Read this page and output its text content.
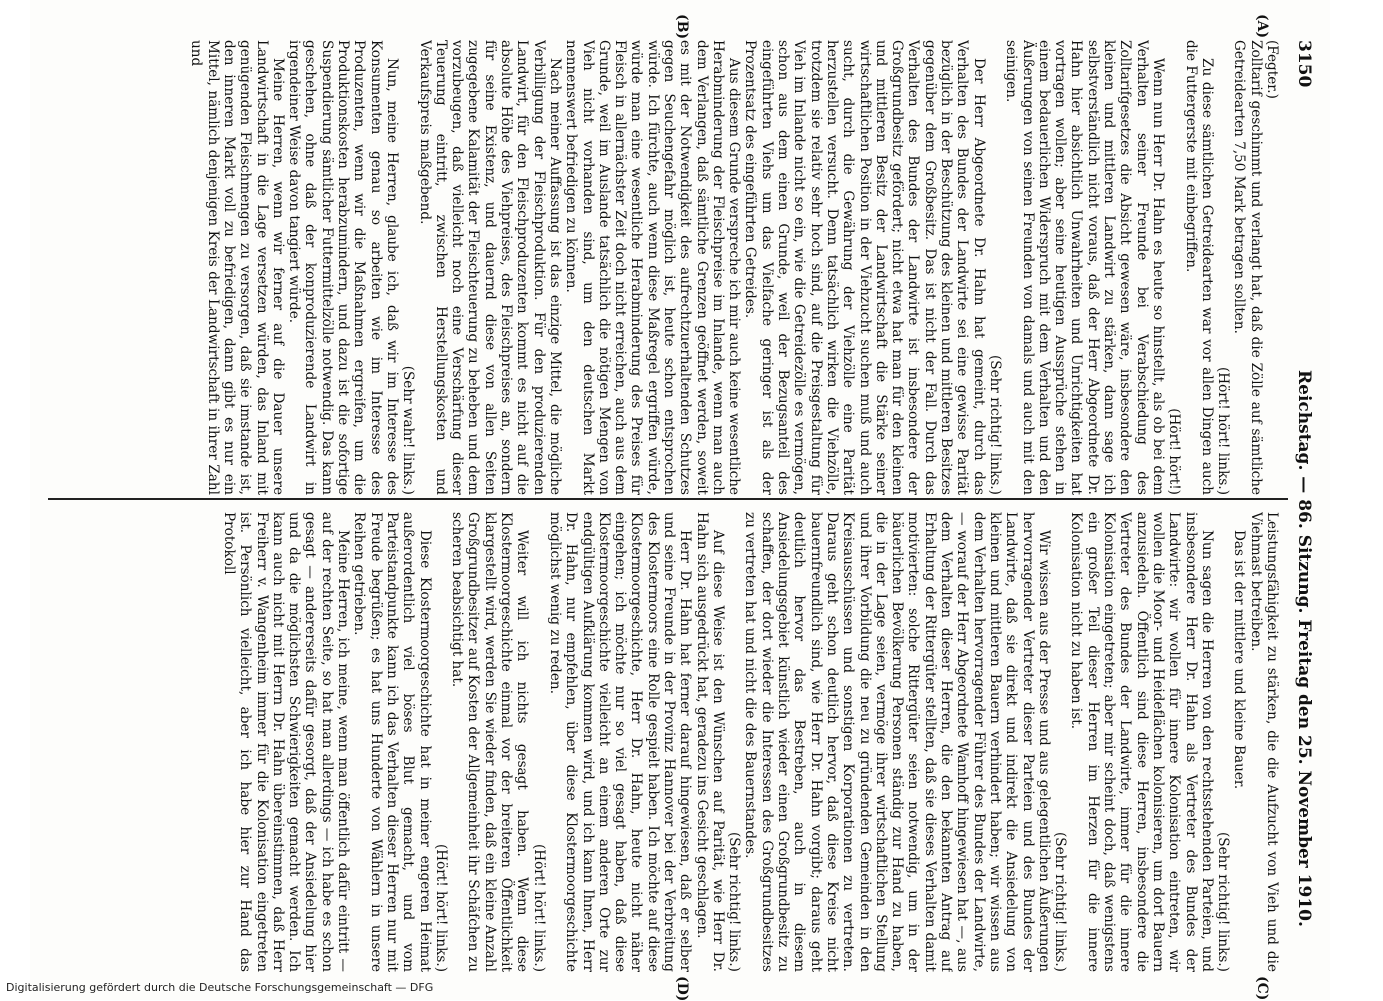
3150
Reichstag. — 86. Sitzung. Freitag den 25. November 1910.
(A)
(B)
(C)
(D)

(Fegter.)

Zolltarif geschimmt und verlangt hat, daß die Zölle auf sämtliche Getreidearten 7,50 Mark betragen sollten.

(Hört! hört! links.)

Zu diese sämtlichen Getreidearten war vor allen Dingen auch die Futtergerste mit einbegriffen.

(Hört! hört!)

Wenn nun Herr Dr. Hahn es heute so hinstellt, als ob bei dem Verhalten seiner Freunde bei Verabschiedung des Zolltarifgesetzes die Absicht gewesen wäre, insbesondere den kleinen und mittleren Landwirt zu stärken, dann sage ich selbstverständlich nicht voraus, daß der Herr Abgeordnete Dr. Hahn hier absichtlich Unwahrheiten und Unrichtigkeiten hat vortragen wollen; aber seine heutigen Aussprüche stehen in einem bedauerlichen Widerspruch mit dem Verhalten und den Äußerungen von seinen Freunden von damals und auch mit den seinigen.

(Sehr richtig! links.)

Der Herr Abgeordnete Dr. Hahn hat gemeint, durch das Verhalten des Bundes der Landwirte sei eine gewisse Parität bezüglich in der Beschützung des kleinen und mittleren Besitzes gegenüber dem Großbesitz. Das ist nicht der Fall. Durch das Verhalten des Bundes der Landwirte ist insbesondere der Großgrundbesitz gefördert; nicht etwa hat man für den kleinen und mittleren Besitz der Landwirtschaft die Stärke seiner wirtschaftlichen Position in der Viehzucht suchen muß und auch sucht, durch die Gewährung der Viehzölle eine Parität herzustellen versucht. Denn tatsächlich wirken die Viehzölle, trotzdem sie relativ sehr hoch sind, auf die Preisgestaltung für Vieh im Inlande nicht so ein, wie die Getreidezölle es vermögen, schon aus dem einen Grunde, weil der Bezugsanteil des eingeführten Viehs um das Vielfache geringer ist als der Prozentsatz des eingeführten Getreides.

Aus diesem Grunde verspreche ich mir auch keine wesentliche Herabminderung der Fleischpreise im Inlande, wenn man auch dem Verlangen, daß sämtliche Grenzen geöffnet werden, soweit es mit der Notwendigkeit des aufrechtzuerhaltenden Schutzes gegen Seuchengefahr möglich ist, heute schon entsprochen würde. Ich fürchte, auch wenn diese Maßregel ergriffen würde, würde man eine wesentliche Herabminderung des Preises für Fleisch in allernächster Zeit doch nicht erreichen, auch aus dem Grunde, weil im Auslande tatsächlich die nötigen Mengen von Vieh nicht vorhanden sind, um den deutschen Markt nennenswert befriedigen zu können.

Nach meiner Auffassung ist das einzige Mittel, die mögliche Verbilligung der Fleischproduktion. Für den produzierenden Landwirt, für den Fleischproduzenten kommt es nicht auf die absolute Höhe des Viehpreises, des Fleischpreises an, sondern für seine Existenz, und dauernd diese von allen Seiten zugegebene Kalamität der Fleischteuerung zu beheben und dem vorzubeugen, daß vielleicht noch eine Verschärfung dieser Teuerung eintritt, zwischen Herstellungskosten und Verkaufspreis maßgebend.

(Sehr wahr! links.)

Nun, meine Herren, glaube ich, daß wir im Interesse des Konsumenten genau so arbeiten wie im Interesse des Produzenten, wenn wir die Maßnahmen ergreifen, um die Produktionskosten herabzumindern, und dazu ist die sofortige Suspendierung sämtlicher Futtermittelzölle notwendig. Das kann geschehen, ohne daß der konproduzierende Landwirt in irgendeiner Weise davon tangiert würde.

Meine Herren, wenn wir ferner auf die Dauer unsere Landwirtschaft in die Lage versetzen würden, das Inland mit genügenden Fleischmengen zu versorgen, daß sie imstande ist, den inneren Markt voll zu befriedigen, dann gibt es nur ein Mittel, nämlich denjenigen Kreis der Landwirtschaft in ihrer Zahl und

Leistungsfähigkeit zu stärken, die die Aufzucht von Vieh und die Viehmast betreiben.

Das ist der mittlere und kleine Bauer.

(Sehr richtig! links.)

Nun sagen die Herren von den rechtsstehenden Parteien, und insbesondere Herr Dr. Hahn als Vertreter des Bundes der Landwirte: wir wollen für innere Kolonisation eintreten, wir wollen die Moor- und Heideflächen kolonisieren, um dort Bauern anzusiedeln. Öffentlich sind diese Herren, insbesondere die Vertreter des Bundes der Landwirte, immer für die innere Kolonisation eingetreten; aber mir scheint doch, daß wenigstens ein großer Teil dieser Herren im Herzen für die innere Kolonisation nicht zu haben ist.

(Sehr richtig! links.)

Wir wissen aus der Presse und aus gelegentlichen Äußerungen hervorragender Vertreter dieser Parteien und des Bundes der Landwirte, daß sie direkt und indirekt die Ansiedelung von kleinen und mittleren Bauern verhindert haben; wir wissen aus dem Verhalten hervorragender Führer des Bundes der Landwirte, — worauf der Herr Abgeordnete Wamhoff hingewiesen hat —, aus dem Verhalten dieser Herren, die den bekannten Antrag auf Erhaltung der Rittergüter stellten, daß sie dieses Verhalten damit motivierten: solche Rittergüter seien notwendig, um in der bäuerlichen Bevölkerung Personen ständig zur Hand zu haben, die in der Lage seien, vermöge ihrer wirtschaftlichen Stellung und ihrer Vorbildung die neu zu gründenden Gemeinden in den Kreisausschüssen und sonstigen Korporationen zu vertreten. Daraus geht schon deutlich hervor, daß diese Kreise nicht bauernfreundlich sind, wie Herr Dr. Hahn vorgibt; daraus geht deutlich hervor das Bestreben, auch in diesem Ansiedelungsgebiet künstlich wieder einen Großgrundbesitz zu schaffen, der dort wieder die Interessen des Großgrundbesitzes zu vertreten hat und nicht die des Bauernstandes.

(Sehr richtig! links.)

Auf diese Weise ist den Wünschen auf Parität, wie Herr Dr. Hahn sich ausgedrückt hat, geradezu ins Gesicht geschlagen.

Herr Dr. Hahn hat ferner darauf hingewiesen, daß er selber und seine Freunde in der Provinz Hannover bei der Verbreitung des Klostermoors eine Rolle gespielt haben. Ich möchte auf diese Klostermoorgeschichte, Herr Dr. Hahn, heute nicht näher eingehen; ich möchte nur so viel gesagt haben, daß diese Klostermoorgeschichte vielleicht an einem anderen Orte zur endgültigen Aufklärung kommen wird, und ich kann Ihnen, Herr Dr. Hahn, nur empfehlen, über diese Klostermoorgeschichte möglichst wenig zu reden.

(Hört! hört! links.)

Weiter will ich nichts gesagt haben. Wenn diese Klostermoorgeschichte einmal vor der breiteren Öffentlichkeit klargestellt wird, werden Sie wieder finden, daß ein kleine Anzahl Großgrundbesitzer auf Kosten der Allgemeinheit ihr Schäfchen zu scheren beabsichtigt hat.

(Hört! hört! links.)

Diese Klostermoorgeschichte hat in meiner engeren Heimat außerordentlich viel böses Blut gemacht, und vom Parteistandpunkte kann ich das Verhalten dieser Herren nur mit Freude begrüßen; es hat uns Hunderte von Wählern in unsere Reihen getrieben.

Meine Herren, ich meine, wenn man öffentlich dafür eintritt — auf der rechten Seite, so hat man allerdings — ich habe es schon gesagt — andererseits dafür gesorgt, daß der Ansiedelung hier und da die möglichsten Schwierigkeiten gemacht werden. Ich kann auch nicht mit Herrn Dr. Hahn übereinstimmen, daß Herr Freiherr v. Wangenheim immer für die Kolonisation eingetreten ist. Persönlich vielleicht, aber ich habe hier zur Hand das Protokoll

Digitalisierung gefördert durch die Deutsche Forschungsgemeinschaft — DFG
